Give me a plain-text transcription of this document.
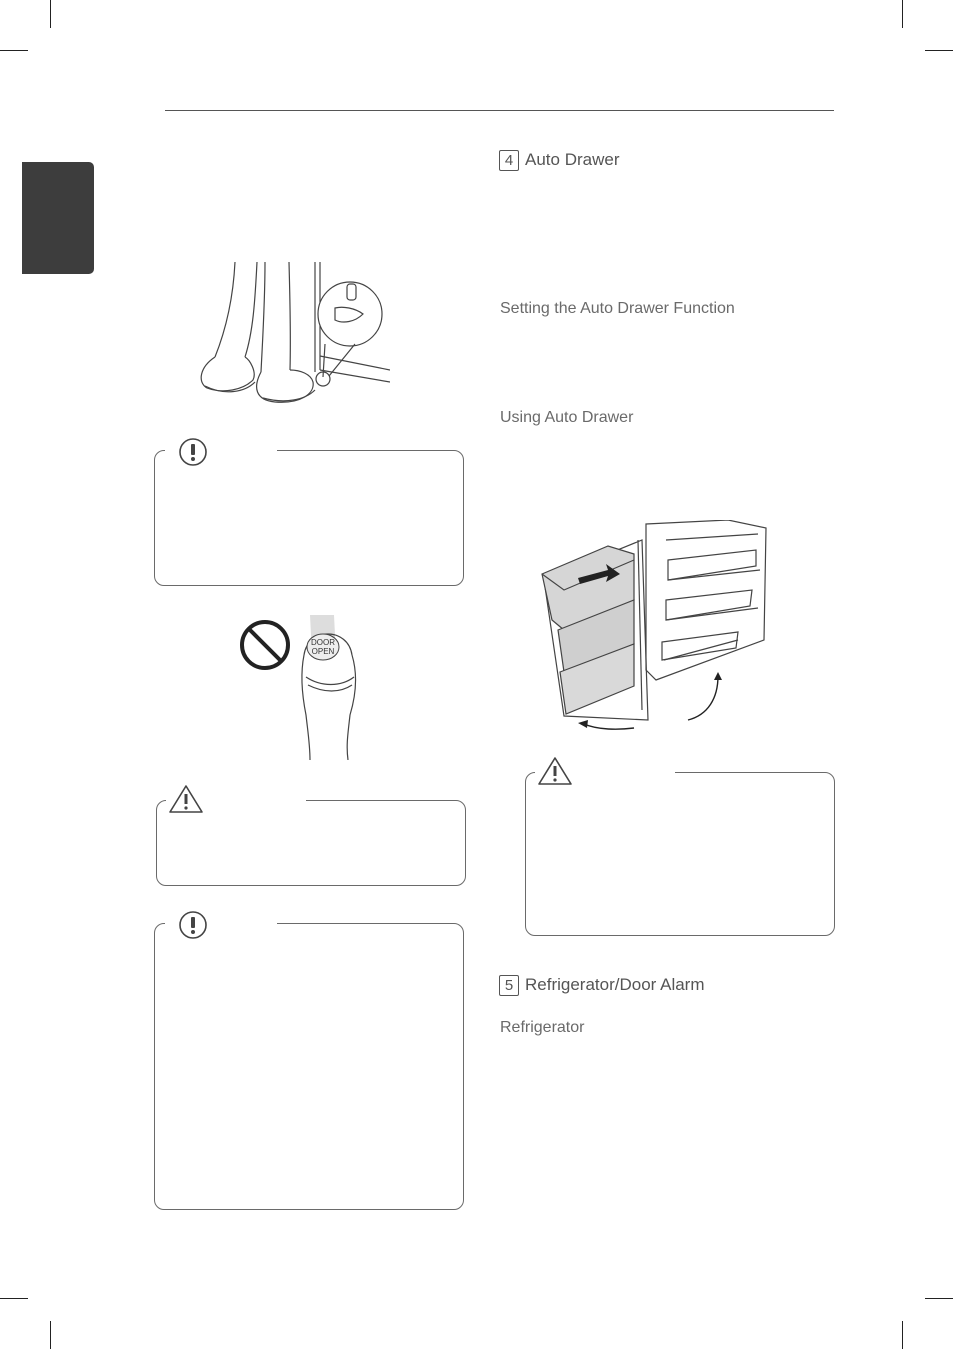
DOOR
OPEN
4 Auto Drawer
Setting the Auto Drawer Function
Using Auto Drawer
5 Refrigerator/Door Alarm
Refrigerator
